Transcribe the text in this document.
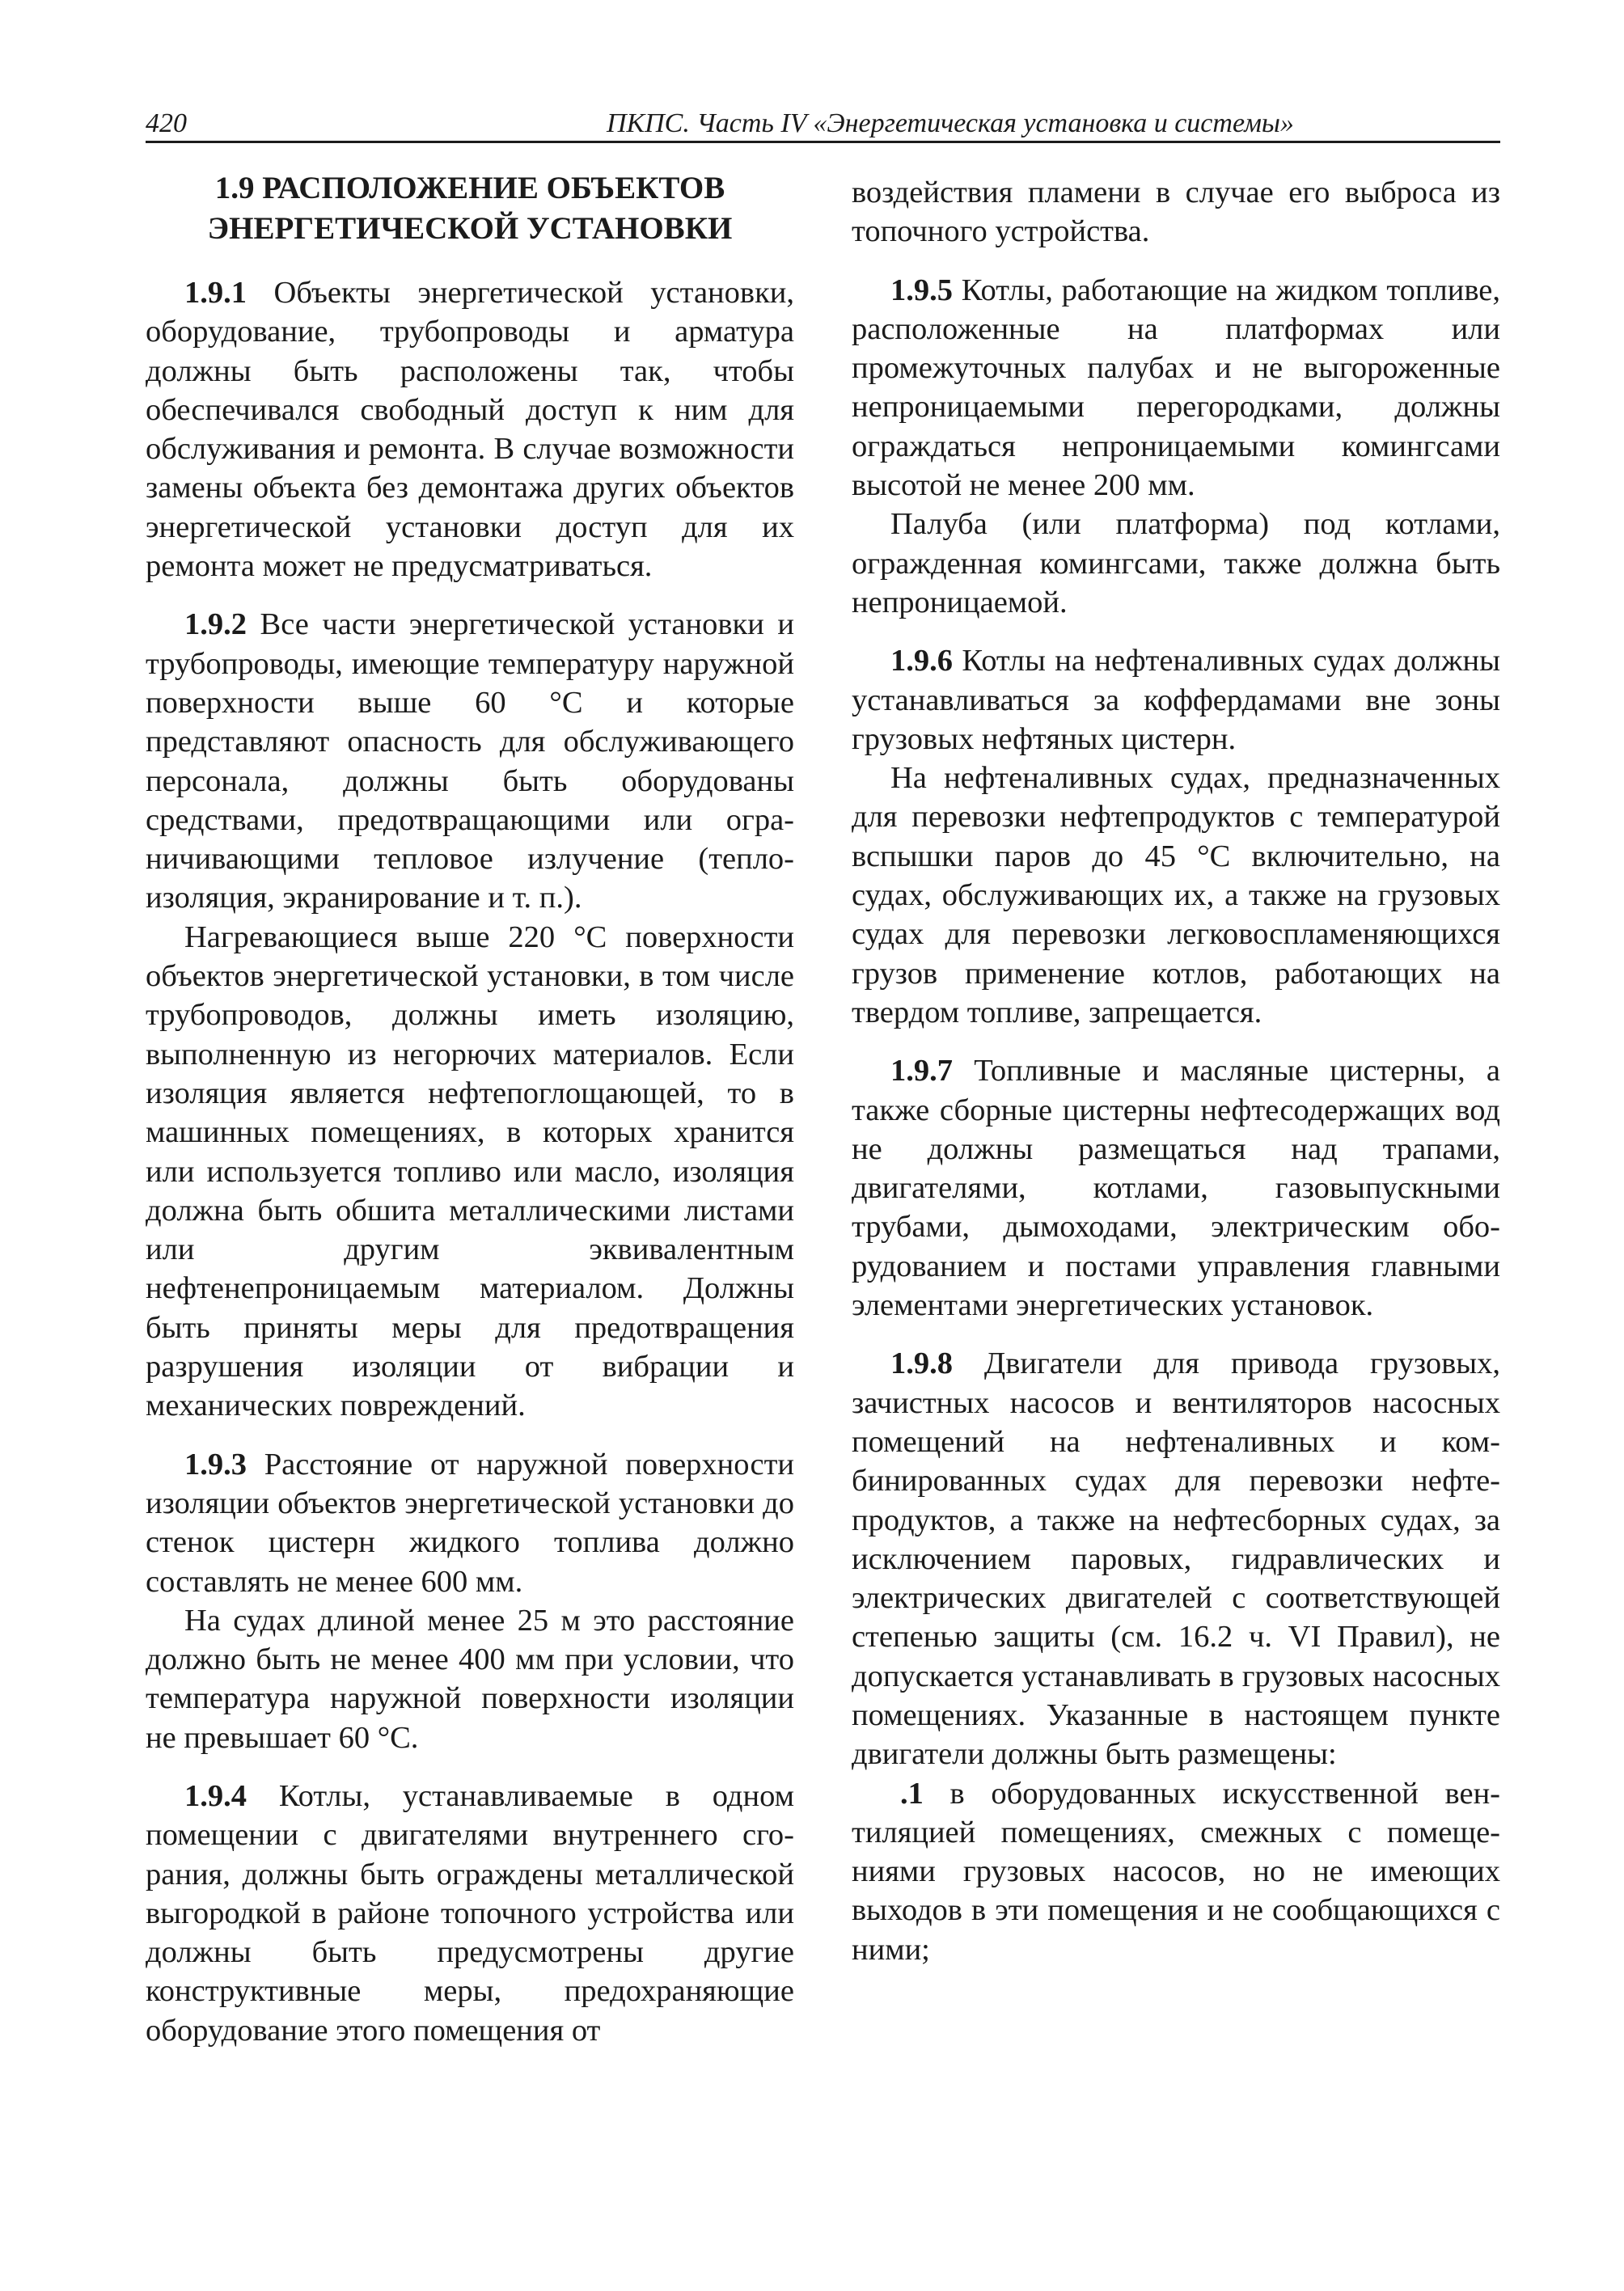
420	ПКПС. Часть IV «Энергетическая установка и системы»
1.9 РАСПОЛОЖЕНИЕ ОБЪЕКТОВ
ЭНЕРГЕТИЧЕСКОЙ УСТАНОВКИ

1.9.1 Объекты энергетической установки, оборудование, трубопроводы и арматура должны быть расположены так, чтобы обеспечивался свободный доступ к ним для обслуживания и ремонта. В случае возможности замены объекта без демонтажа других объектов энергетической установки доступ для их ремонта может не предусматриваться.

1.9.2 Все части энергетической установки и трубопроводы, имеющие температуру наружной поверхности выше 60 °С и которые представляют опасность для обслуживающего персонала, должны быть оборудованы средствами, предотвращающими или ограничивающими тепловое излучение (теплоизоляция, экранирование и т. п.).

Нагревающиеся выше 220 °С поверхности объектов энергетической установки, в том числе трубопроводов, должны иметь изоляцию, выполненную из негорючих материалов. Если изоляция является нефтепоглощающей, то в машинных помещениях, в которых хранится или используется топливо или масло, изоляция должна быть обшита металлическими листами или другим эквивалентным нефтенепроницаемым материалом. Должны быть приняты меры для предотвращения разрушения изоляции от вибрации и механических повреждений.

1.9.3 Расстояние от наружной поверхности изоляции объектов энергетической установки до стенок цистерн жидкого топлива должно составлять не менее 600 мм.

На судах длиной менее 25 м это расстояние должно быть не менее 400 мм при условии, что температура наружной поверхности изоляции не превышает 60 °С.

1.9.4 Котлы, устанавливаемые в одном помещении с двигателями внутреннего сгорания, должны быть ограждены металлической выгородкой в районе топочного устройства или должны быть предусмотрены другие конструктивные меры, предохраняющие оборудование этого помещения от

воздействия пламени в случае его выброса из топочного устройства.

1.9.5 Котлы, работающие на жидком топливе, расположенные на платформах или промежуточных палубах и не выгороженные непроницаемыми перегородками, должны ограждаться непроницаемыми комингсами высотой не менее 200 мм.

Палуба (или платформа) под котлами, огражденная комингсами, также должна быть непроницаемой.

1.9.6 Котлы на нефтеналивных судах должны устанавливаться за коффердамами вне зоны грузовых нефтяных цистерн.

На нефтеналивных судах, предназначенных для перевозки нефтепродуктов с температурой вспышки паров до 45 °С включительно, на судах, обслуживающих их, а также на грузовых судах для перевозки легковоспламеняющихся грузов применение котлов, работающих на твердом топливе, запрещается.

1.9.7 Топливные и масляные цистерны, а также сборные цистерны нефтесодержащих вод не должны размещаться над трапами, двигателями, котлами, газовыпускными трубами, дымоходами, электрическим оборудованием и постами управления главными элементами энергетических установок.

1.9.8 Двигатели для привода грузовых, зачистных насосов и вентиляторов насосных помещений на нефтеналивных и комбинированных судах для перевозки нефтепродуктов, а также на нефтесборных судах, за исключением паровых, гидравлических и электрических двигателей с соответствующей степенью защиты (см. 16.2 ч. VI Правил), не допускается устанавливать в грузовых насосных помещениях. Указанные в настоящем пункте двигатели должны быть размещены:

.1 в оборудованных искусственной вентиляцией помещениях, смежных с помещениями грузовых насосов, но не имеющих выходов в эти помещения и не сообщающихся с ними;
